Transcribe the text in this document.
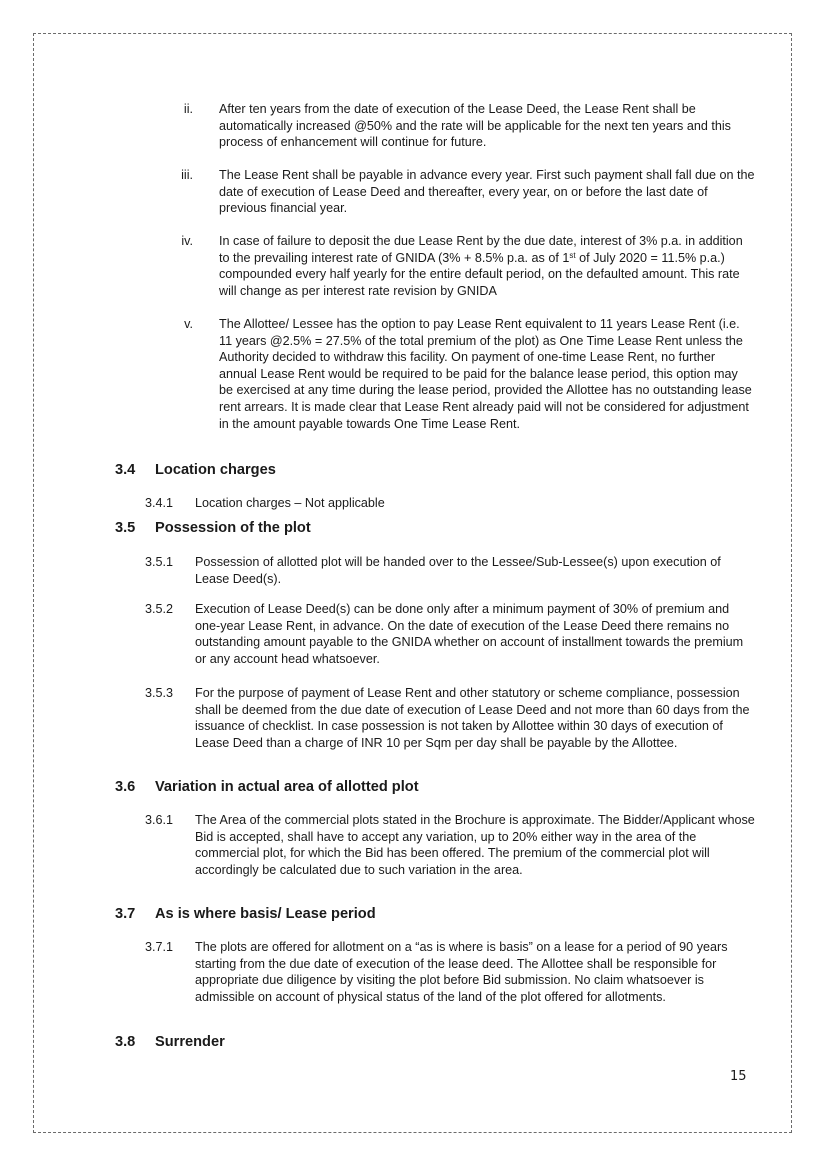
ii. After ten years from the date of execution of the Lease Deed, the Lease Rent shall be automatically increased @50% and the rate will be applicable for the next ten years and this process of enhancement will continue for future.
iii. The Lease Rent shall be payable in advance every year. First such payment shall fall due on the date of execution of Lease Deed and thereafter, every year, on or before the last date of previous financial year.
iv. In case of failure to deposit the due Lease Rent by the due date, interest of 3% p.a. in addition to the prevailing interest rate of GNIDA (3% + 8.5% p.a. as of 1st of July 2020 = 11.5% p.a.) compounded every half yearly for the entire default period, on the defaulted amount. This rate will change as per interest rate revision by GNIDA
v. The Allottee/ Lessee has the option to pay Lease Rent equivalent to 11 years Lease Rent (i.e. 11 years @2.5% = 27.5% of the total premium of the plot) as One Time Lease Rent unless the Authority decided to withdraw this facility. On payment of one-time Lease Rent, no further annual Lease Rent would be required to be paid for the balance lease period, this option may be exercised at any time during the lease period, provided the Allottee has no outstanding lease rent arrears. It is made clear that Lease Rent already paid will not be considered for adjustment in the amount payable towards One Time Lease Rent.
3.4 Location charges
3.4.1 Location charges – Not applicable
3.5 Possession of the plot
3.5.1 Possession of allotted plot will be handed over to the Lessee/Sub-Lessee(s) upon execution of Lease Deed(s).
3.5.2 Execution of Lease Deed(s) can be done only after a minimum payment of 30% of premium and one-year Lease Rent, in advance. On the date of execution of the Lease Deed there remains no outstanding amount payable to the GNIDA whether on account of installment towards the premium or any account head whatsoever.
3.5.3 For the purpose of payment of Lease Rent and other statutory or scheme compliance, possession shall be deemed from the due date of execution of Lease Deed and not more than 60 days from the issuance of checklist. In case possession is not taken by Allottee within 30 days of execution of Lease Deed than a charge of INR 10 per Sqm per day shall be payable by the Allottee.
3.6 Variation in actual area of allotted plot
3.6.1 The Area of the commercial plots stated in the Brochure is approximate. The Bidder/Applicant whose Bid is accepted, shall have to accept any variation, up to 20% either way in the area of the commercial plot, for which the Bid has been offered. The premium of the commercial plot will accordingly be calculated due to such variation in the area.
3.7 As is where basis/ Lease period
3.7.1 The plots are offered for allotment on a “as is where is basis” on a lease for a period of 90 years starting from the due date of execution of the lease deed. The Allottee shall be responsible for appropriate due diligence by visiting the plot before Bid submission. No claim whatsoever is admissible on account of physical status of the land of the plot offered for allotments.
3.8 Surrender
15
